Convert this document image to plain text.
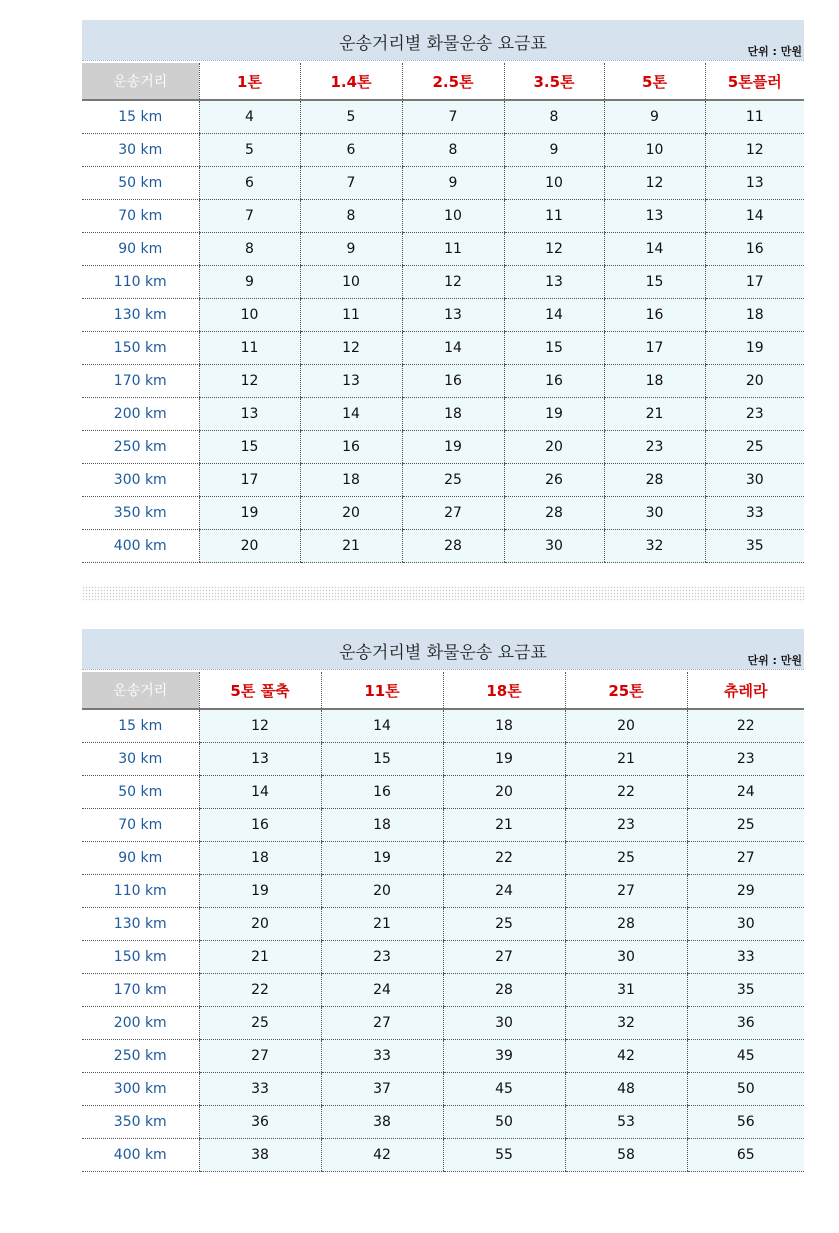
운송거리별 화물운송 요금표	단위 : 만원
운송거리	1톤	1.4톤	2.5톤	3.5톤	5톤	5톤플러
15 km	4	5	7	8	9	11
30 km	5	6	8	9	10	12
50 km	6	7	9	10	12	13
70 km	7	8	10	11	13	14
90 km	8	9	11	12	14	16
110 km	9	10	12	13	15	17
130 km	10	11	13	14	16	18
150 km	11	12	14	15	17	19
170 km	12	13	16	16	18	20
200 km	13	14	18	19	21	23
250 km	15	16	19	20	23	25
300 km	17	18	25	26	28	30
350 km	19	20	27	28	30	33
400 km	20	21	28	30	32	35
운송거리별 화물운송 요금표	단위 : 만원
운송거리	5톤 풀축	11톤	18톤	25톤	츄레라
15 km	12	14	18	20	22
30 km	13	15	19	21	23
50 km	14	16	20	22	24
70 km	16	18	21	23	25
90 km	18	19	22	25	27
110 km	19	20	24	27	29
130 km	20	21	25	28	30
150 km	21	23	27	30	33
170 km	22	24	28	31	35
200 km	25	27	30	32	36
250 km	27	33	39	42	45
300 km	33	37	45	48	50
350 km	36	38	50	53	56
400 km	38	42	55	58	65
